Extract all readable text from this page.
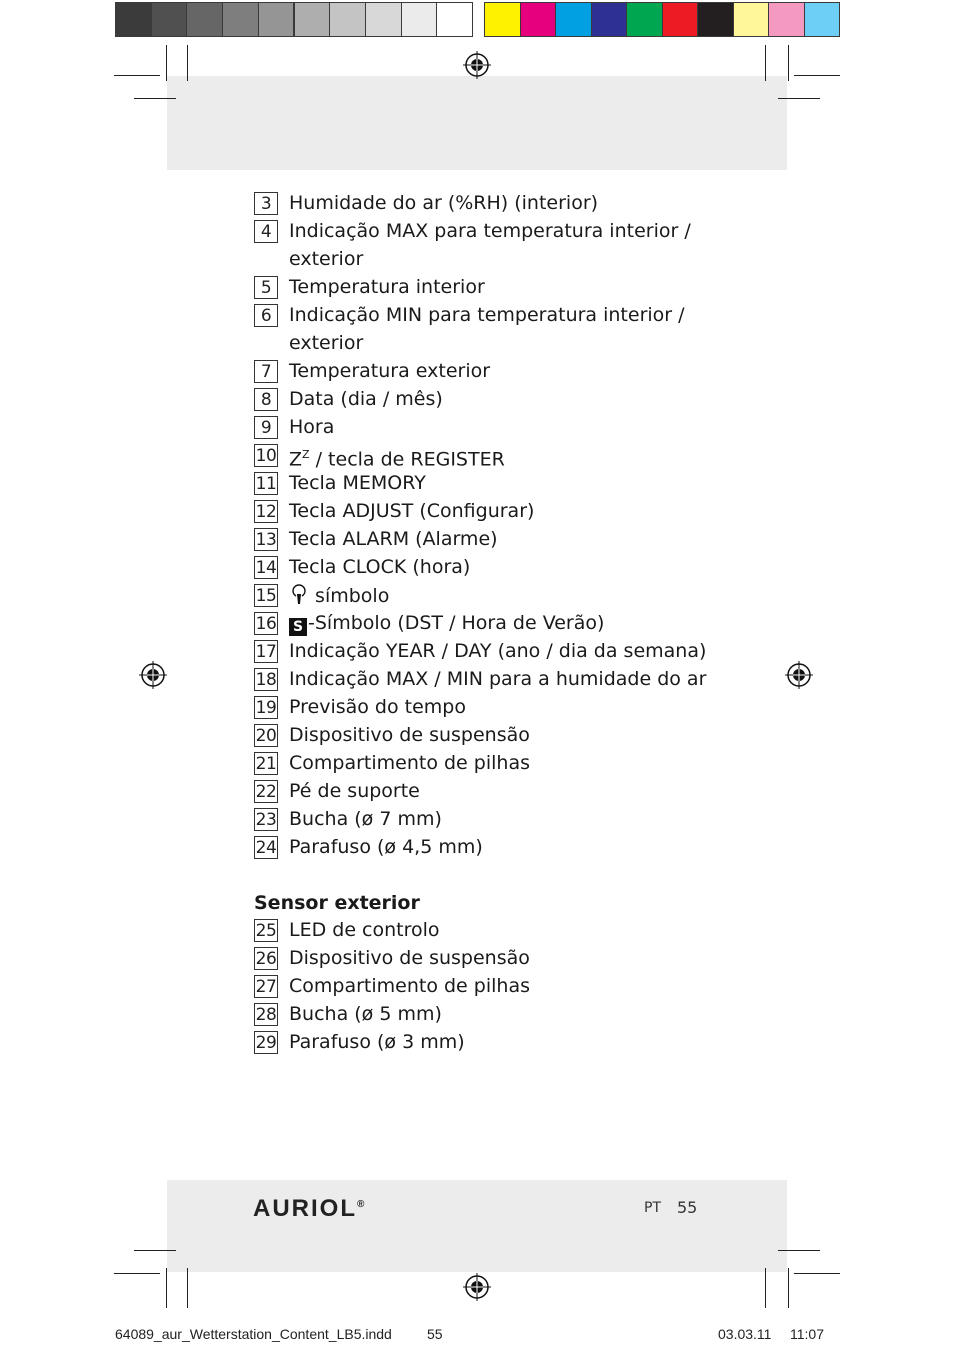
3 Humidade do ar (%RH) (interior)
4 Indicação MAX para temperatura interior /
exterior
5 Temperatura interior
6 Indicação MIN para temperatura interior /
exterior
7 Temperatura exterior
8 Data (dia / mês)
9 Hora
10 $Z^Z$ / tecla de REGISTER
11 Tecla MEMORY
12 Tecla ADJUST (Configurar)
13 Tecla ALARM (Alarme)
14 Tecla CLOCK (hora)
15	símbolo
16 S -Símbolo (DST / Hora de Verão)
17 Indicação YEAR / DAY (ano / dia da semana)
18 Indicação MAX / MIN para a humidade do ar
19 Previsão do tempo
20 Dispositivo de suspensão
21 Compartimento de pilhas
22 Pé de suporte
23 Bucha (ø 7 mm)
24 Parafuso (ø 4,5 mm)
Sensor exterior
25 LED de controlo
26 Dispositivo de suspensão
27 Compartimento de pilhas
28 Bucha (ø 5 mm)
29 Parafuso (ø 3 mm)
AURIOL®	PT 55
64089_aur_Wetterstation_Content_LB5.indd	55	03.03.11 11:07
